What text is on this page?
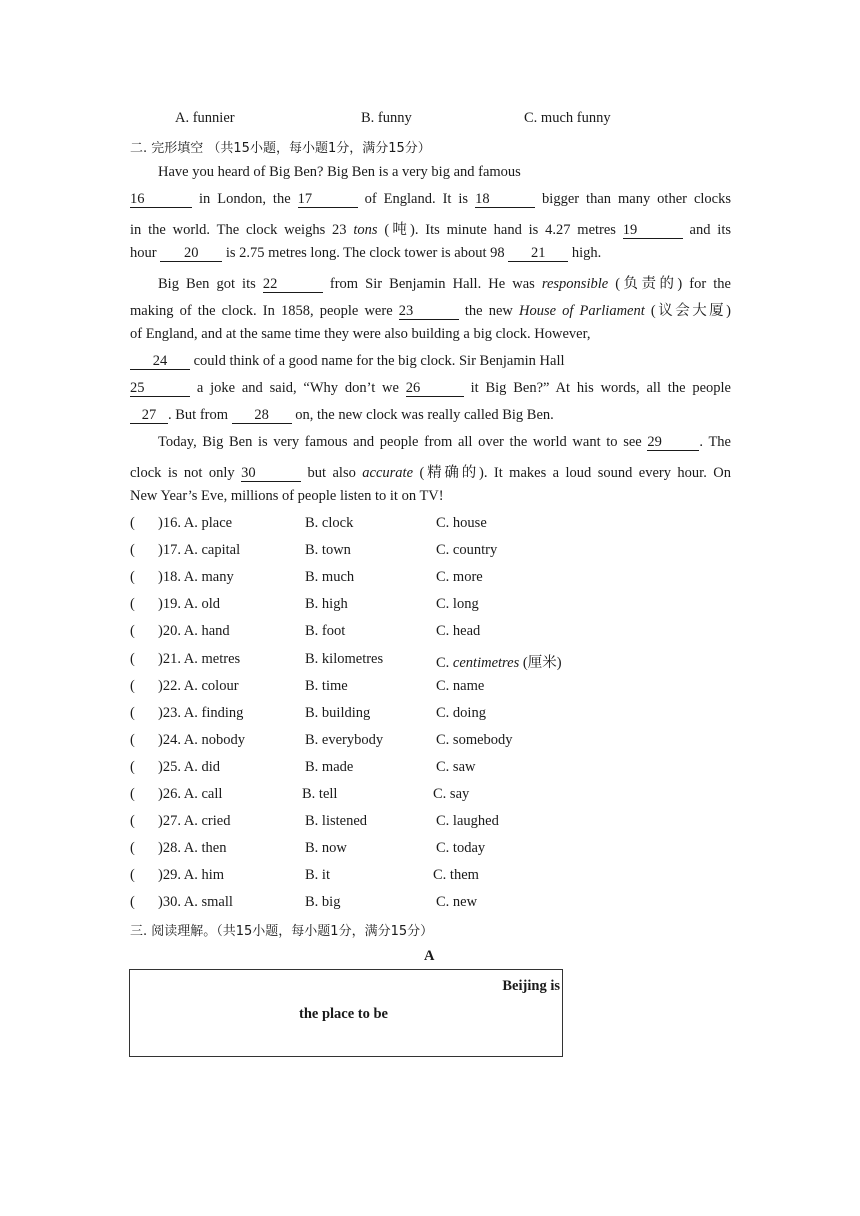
A. funnier	B. funny	C. much funny
二. 完形填空 （共15小题，每小题1分，满分15分）
Have you heard of Big Ben? Big Ben is a very big and famous
16	in London, the 17	of England. It is 18	bigger than many other clocks
in the world. The clock weighs 23 tons (吨). Its minute hand is 4.27 metres 19	and its
hour 20 is 2.75 metres long. The clock tower is about 98 21 high.
Big Ben got its 22	from Sir Benjamin Hall. He was responsible (负责的) for the
making of the clock. In 1858, people were 23	the new House of Parliament (议会大厦)
of England, and at the same time they were also building a big clock. However,
24 could think of a good name for the big clock. Sir Benjamin Hall
25	a joke and said, “Why don’t we 26	it Big Ben?” At his words, all the people
27 . But from 28 on, the new clock was really called Big Ben.
Today, Big Ben is very famous and people from all over the world want to see 29	. The
clock is not only 30	but also accurate (精确的). It makes a loud sound every hour. On
New Year’s Eve, millions of people listen to it on TV!
( )16. A. place	B. clock	C. house
( )17. A. capital	B. town	C. country
( )18. A. many	B. much	C. more
( )19. A. old	B. high	C. long
( )20. A. hand	B. foot	C. head
( )21. A. metres	B. kilometres	C. centimetres (厘米)
( )22. A. colour	B. time	C. name
( )23. A. finding	B. building	C. doing
( )24. A. nobody	B. everybody	C. somebody
( )25. A. did	B. made	C. saw
( )26. A. call	B. tell	C. say
( )27. A. cried	B. listened	C. laughed
( )28. A. then	B. now	C. today
( )29. A. him	B. it	C. them
( )30. A. small	B. big	C. new
三. 阅读理解。（共15小题，每小题1分，满分15分）
A
Beijing is
the place to be
